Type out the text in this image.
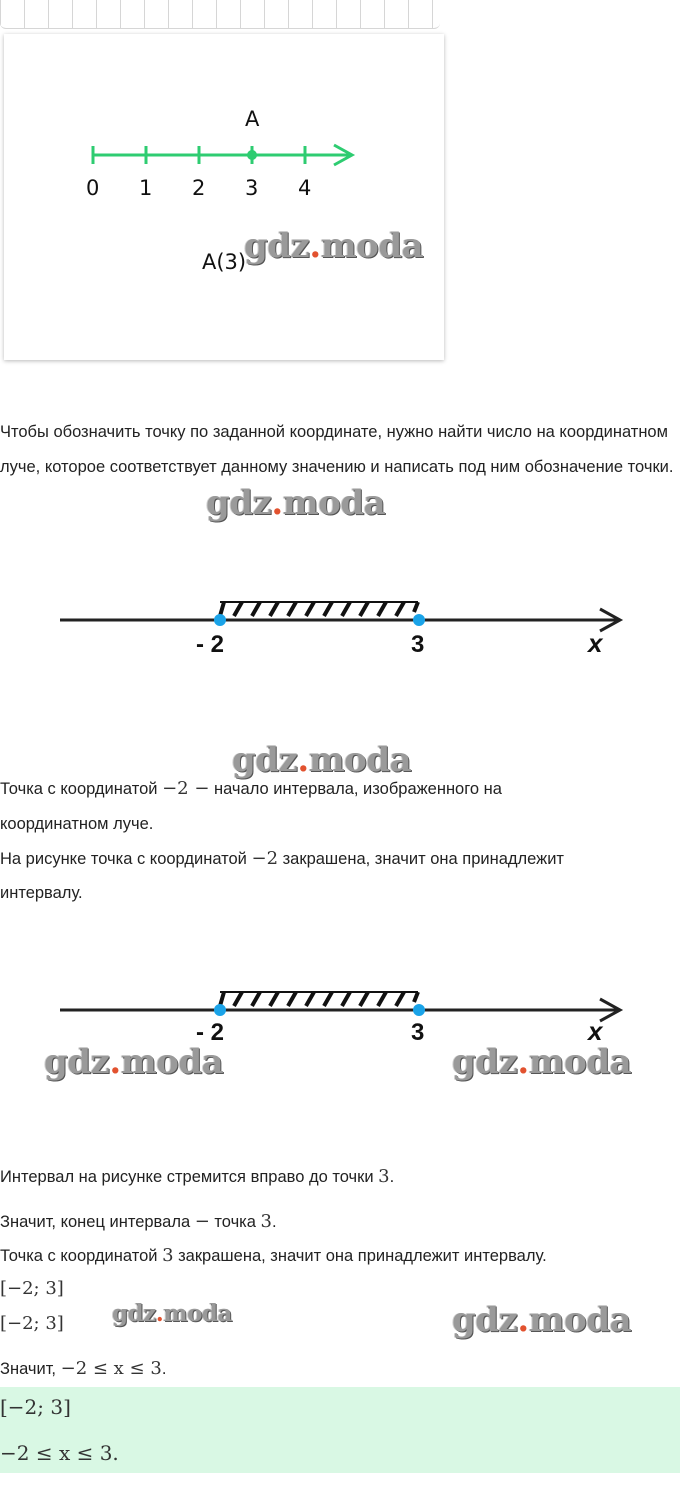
A
0 1 2 3 4
A(3)
gdz.moda
Чтобы обозначить точку по заданной координате, нужно найти число на координатном луче, которое соответствует данному значению и написать под ним обозначение точки.
gdz.moda
- 2	3	x
gdz.moda
Точка с координатой −2 − начало интервала, изображенного на
координатном луче.
На рисунке точка с координатой −2 закрашена, значит она принадлежит
интервалу.
- 2	3	x
gdz.moda	gdz.moda
Интервал на рисунке стремится вправо до точки 3.
Значит, конец интервала − точка 3.
Точка с координатой 3 закрашена, значит она принадлежит интервалу.
[−2; 3]
[−2; 3] gdz.moda	gdz.moda
Значит, −2 ≤ x ≤ 3.
[−2; 3]
−2 ≤ x ≤ 3.
